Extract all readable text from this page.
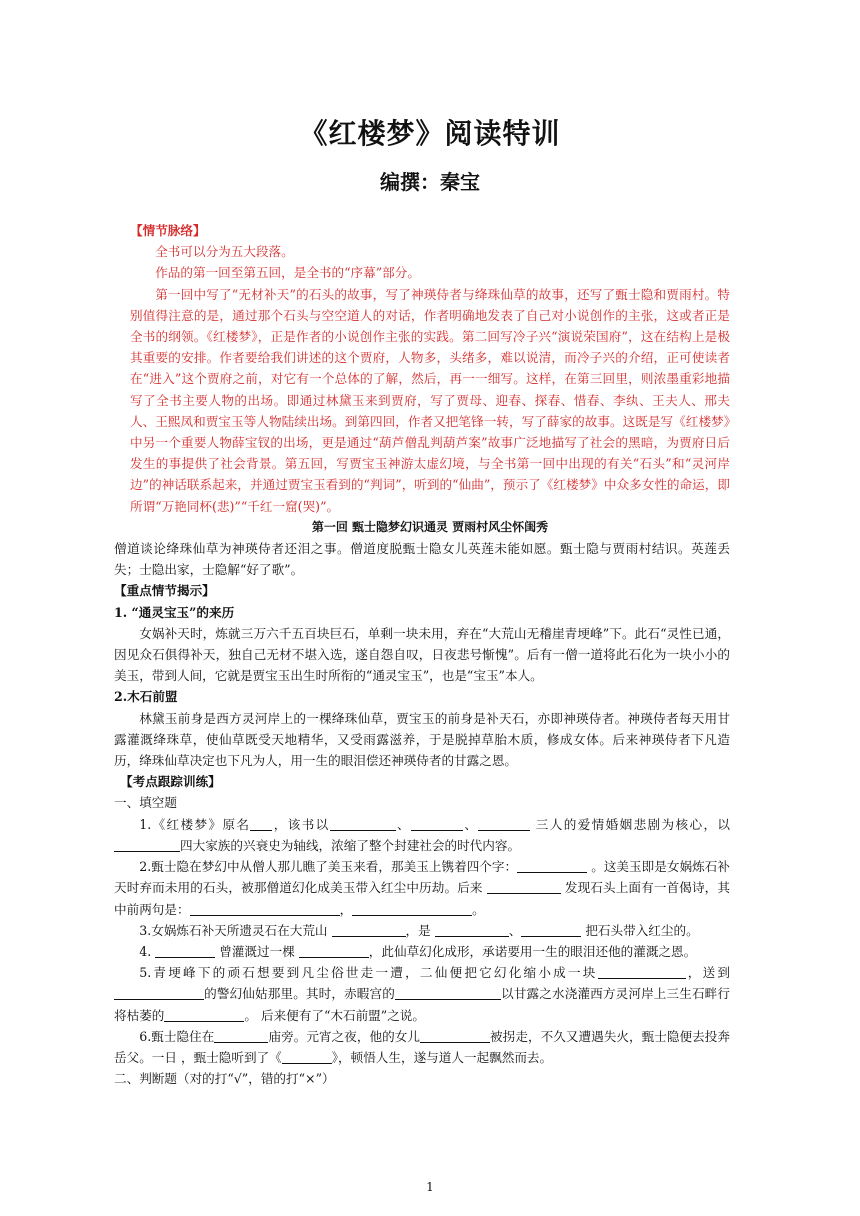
《红楼梦》阅读特训
编撰：秦宝

【情节脉络】

全书可以分为五大段落。

作品的第一回至第五回，是全书的“序幕”部分。

第一回中写了“无材补天”的石头的故事，写了神瑛侍者与绛珠仙草的故事，还写了甄士隐和贾雨村。特别值得注意的是，通过那个石头与空空道人的对话，作者明确地发表了自己对小说创作的主张，这或者正是全书的纲领。《红楼梦》，正是作者的小说创作主张的实践。第二回写冷子兴“演说荣国府”，这在结构上是极其重要的安排。作者要给我们讲述的这个贾府，人物多，头绪多，难以说清，而冷子兴的介绍，正可使读者在“进入”这个贾府之前，对它有一个总体的了解，然后，再一一细写。这样，在第三回里，则浓墨重彩地描写了全书主要人物的出场。即通过林黛玉来到贾府，写了贾母、迎春、探春、惜春、李纨、王夫人、邢夫人、王熙凤和贾宝玉等人物陆续出场。到第四回，作者又把笔锋一转，写了薛家的故事。这既是写《红楼梦》中另一个重要人物薛宝钗的出场，更是通过“葫芦僧乱判葫芦案”故事广泛地描写了社会的黑暗，为贾府日后发生的事提供了社会背景。第五回，写贾宝玉神游太虚幻境，与全书第一回中出现的有关“石头”和“灵河岸边”的神话联系起来，并通过贾宝玉看到的“判词”，听到的“仙曲”，预示了《红楼梦》中众多女性的命运，即所谓“万艳同杯(悲)”“千红一窟(哭)”。

第一回 甄士隐梦幻识通灵 贾雨村风尘怀闺秀

僧道谈论绛珠仙草为神瑛侍者还泪之事。僧道度脱甄士隐女儿英莲未能如愿。甄士隐与贾雨村结识。英莲丢失；士隐出家，士隐解“好了歌”。

【重点情节揭示】

1. “通灵宝玉”的来历

女娲补天时，炼就三万六千五百块巨石，单剩一块未用，弃在“大荒山无稽崖青埂峰”下。此石“灵性已通，因见众石俱得补天，独自己无材不堪入选，遂自怨自叹，日夜悲号惭愧”。后有一僧一道将此石化为一块小小的美玉，带到人间，它就是贾宝玉出生时所衔的“通灵宝玉”，也是“宝玉”本人。

2.木石前盟

林黛玉前身是西方灵河岸上的一棵绛珠仙草，贾宝玉的前身是补天石，亦即神瑛侍者。神瑛侍者每天用甘露灌溉绛珠草，使仙草既受天地精华，又受雨露滋养，于是脱掉草胎木质，修成女体。后来神瑛侍者下凡造历，绛珠仙草决定也下凡为人，用一生的眼泪偿还神瑛侍者的甘露之恩。

【考点跟踪训练】

一、填空题

1.《红楼梦》原名 ，该书以	、	、	三人的爱情婚姻悲剧为核心，以 四大家族的兴衰史为轴线，浓缩了整个封建社会的时代内容。

2.甄士隐在梦幻中从僧人那儿瞧了美玉来看，那美玉上镌着四个字：	。这美玉即是女娲炼石补天时弃而未用的石头，被那僧道幻化成美玉带入红尘中历劫。后来	发现石头上面有一首偈诗，其中前两句是：	，	。

3.女娲炼石补天所遗灵石在大荒山	，是	、	把石头带入红尘的。

4.	曾灌溉过一棵	，此仙草幻化成形，承诺要用一生的眼泪还他的灌溉之恩。

5.青埂峰下的顽石想要到凡尘俗世走一遭，二仙便把它幻化缩小成一块	，送到的警幻仙姑那里。其时，赤暇宫的	以甘露之水浇灌西方灵河岸上三生石畔行将枯萎的	。 后来便有了“木石前盟”之说。

6.甄士隐住在	庙旁。元宵之夜，他的女儿	被拐走，不久又遭遇失火，甄士隐便去投奔岳父。一日 ，甄士隐听到了《	》，顿悟人生，遂与道人一起飘然而去。

二、判断题（对的打“√”，错的打“×”）

1
